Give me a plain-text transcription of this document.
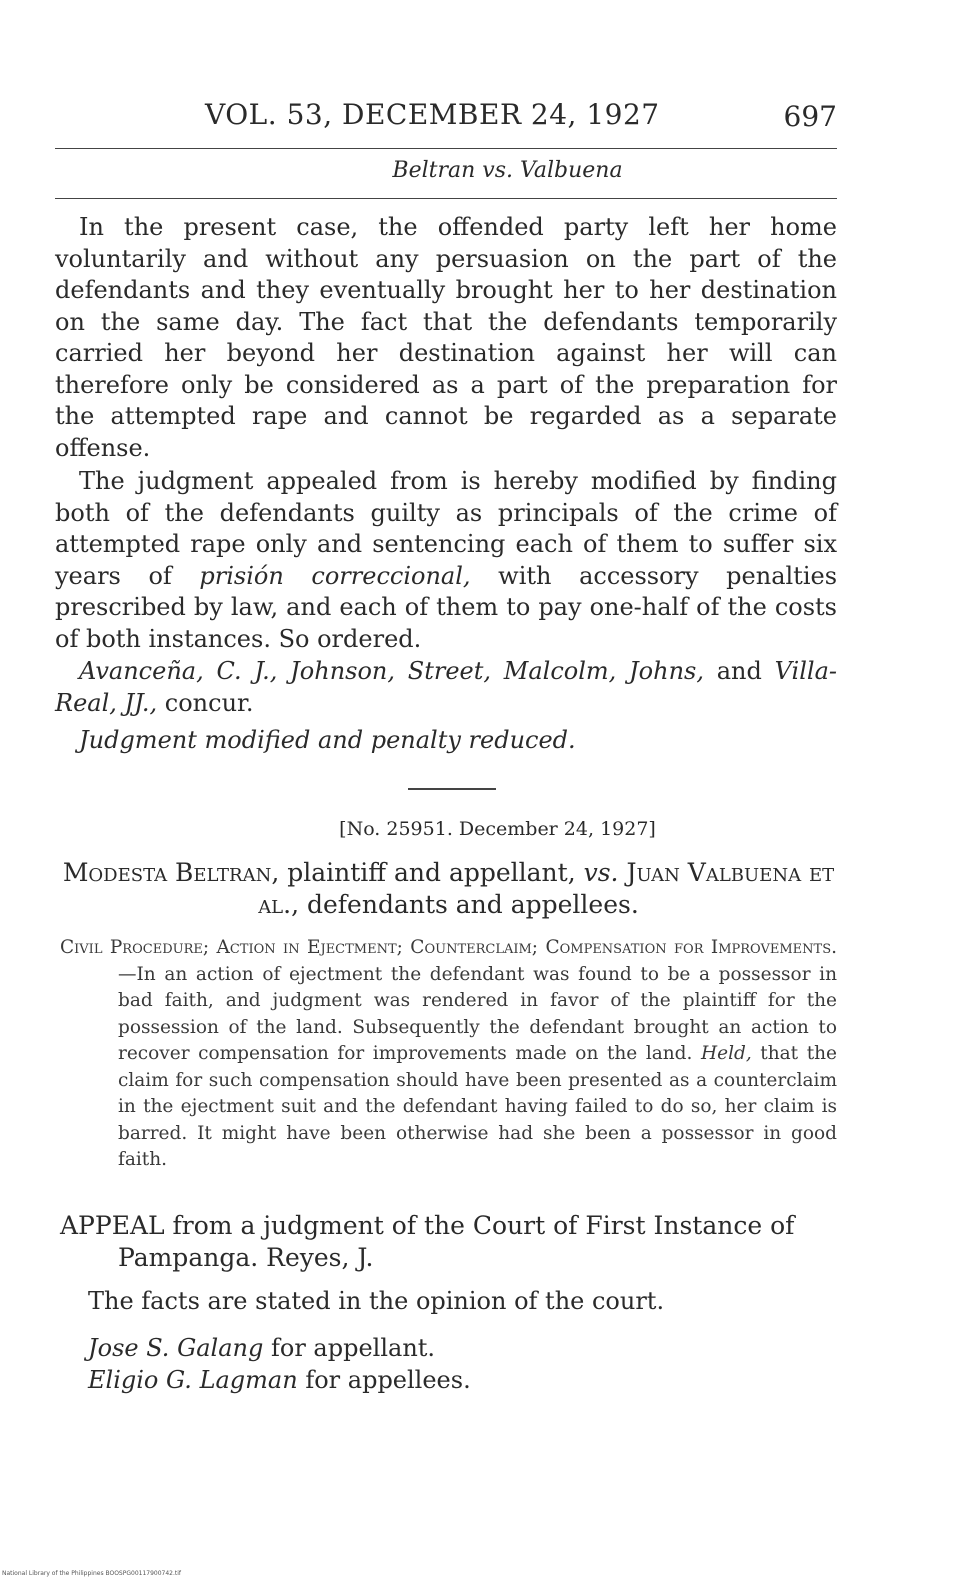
VOL. 53, DECEMBER 24, 1927	697
Beltran vs. Valbuena
In the present case, the offended party left her home voluntarily and without any persuasion on the part of the defendants and they eventually brought her to her destination on the same day. The fact that the defendants temporarily carried her beyond her destination against her will can therefore only be considered as a part of the preparation for the attempted rape and cannot be regarded as a separate offense.
The judgment appealed from is hereby modified by finding both of the defendants guilty as principals of the crime of attempted rape only and sentencing each of them to suffer six years of prisión correccional, with accessory penalties prescribed by law, and each of them to pay one-half of the costs of both instances. So ordered.
Avanceña, C. J., Johnson, Street, Malcolm, Johns, and Villa-Real, JJ., concur.
Judgment modified and penalty reduced.
[No. 25951. December 24, 1927]
Modesta Beltran, plaintiff and appellant, vs. Juan Valbuena et al., defendants and appellees.
Civil Procedure; Action in Ejectment; Counterclaim; Compensation for Improvements.—In an action of ejectment the defendant was found to be a possessor in bad faith, and judgment was rendered in favor of the plaintiff for the possession of the land. Subsequently the defendant brought an action to recover compensation for improvements made on the land. Held, that the claim for such compensation should have been presented as a counterclaim in the ejectment suit and the defendant having failed to do so, her claim is barred. It might have been otherwise had she been a possessor in good faith.
APPEAL from a judgment of the Court of First Instance of Pampanga. Reyes, J.
The facts are stated in the opinion of the court.
Jose S. Galang for appellant.
Eligio G. Lagman for appellees.
National Library of the Philippines BOOSPG00117900742.tif
